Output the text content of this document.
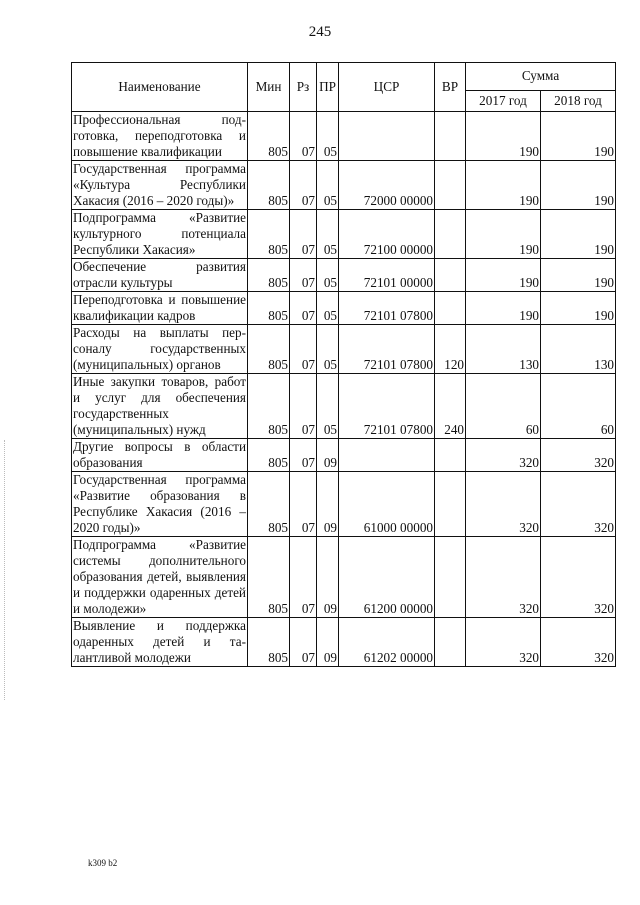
245
Наименование	Мин	Рз	ПР	ЦСР	ВР	Сумма	
						2017 год	2018 год
Профессиональная подготовка, переподготовка и повышение квалификации	805	07	05			190	190
Государственная программа «Культура Республики Хакасия (2016 – 2020 годы)»	805	07	05	72000 00000		190	190
Подпрограмма «Развитие культурного потенциала Республики Хакасия»	805	07	05	72100 00000		190	190
Обеспечение развития отрасли культуры	805	07	05	72101 00000		190	190
Переподготовка и повышение квалификации кадров	805	07	05	72101 07800		190	190
Расходы на выплаты персоналу государственных (муниципальных) органов	805	07	05	72101 07800	120	130	130
Иные закупки товаров, работ и услуг для обеспечения государственных (муниципальных) нужд	805	07	05	72101 07800	240	60	60
Другие вопросы в области образования	805	07	09			320	320
Государственная программа «Развитие образования в Республике Хакасия (2016 – 2020 годы)»	805	07	09	61000 00000		320	320
Подпрограмма «Развитие системы дополнительного образования детей, выявления и поддержки одаренных детей и молодежи»	805	07	09	61200 00000		320	320
Выявление и поддержка одаренных детей и талантливой молодежи	805	07	09	61202 00000		320	320
k309 b2
